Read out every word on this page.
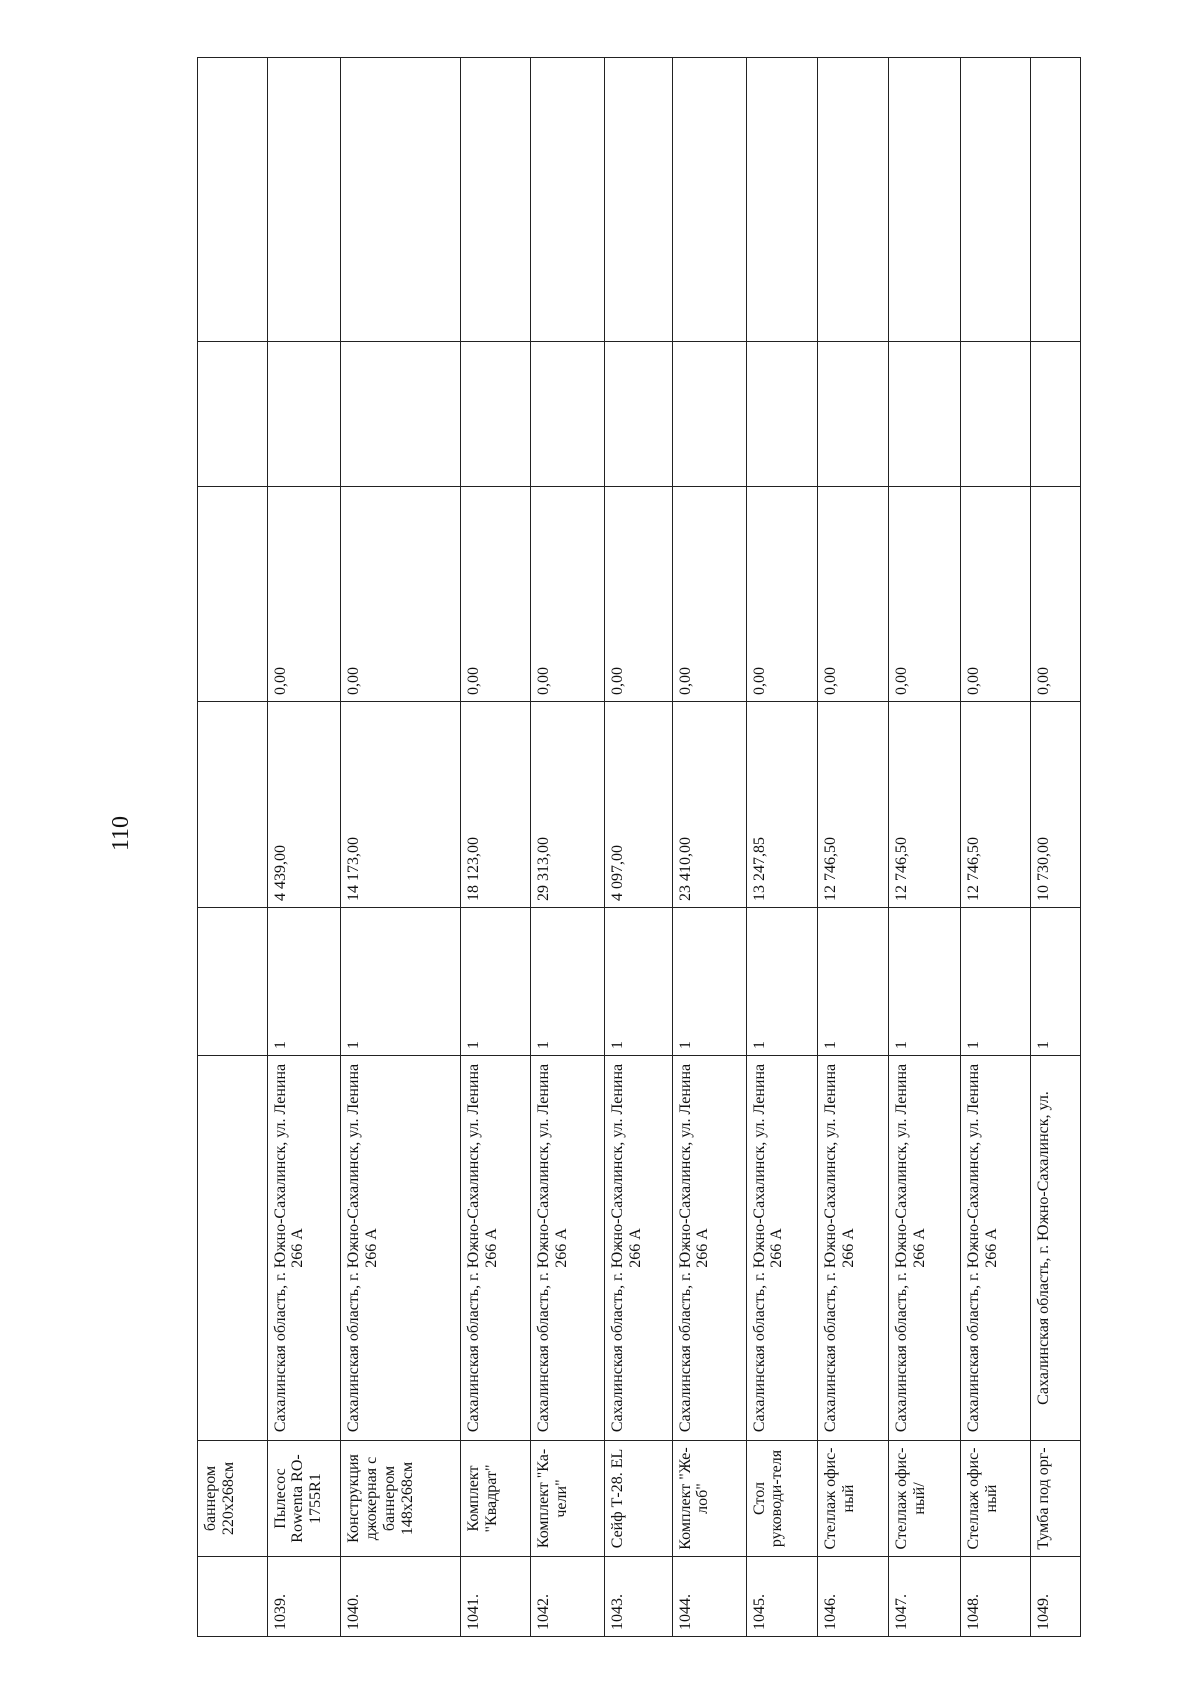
110
	баннером 220х268см						
1039.	Пылесос Rowenta RO-1755R1	Сахалинская область, г. Южно-Сахалинск, ул. Ленина 266 А	1	4 439,00	0,00		
1040.	Конструкция джокерная с баннером 148х268см	Сахалинская область, г. Южно-Сахалинск, ул. Ленина 266 А	1	14 173,00	0,00		
1041.	Комплект "Квадрат"	Сахалинская область, г. Южно-Сахалинск, ул. Ленина 266 А	1	18 123,00	0,00		
1042.	Комплект "Ка-чели"	Сахалинская область, г. Южно-Сахалинск, ул. Ленина 266 А	1	29 313,00	0,00		
1043.	Сейф Т-28. EL	Сахалинская область, г. Южно-Сахалинск, ул. Ленина 266 А	1	4 097,00	0,00		
1044.	Комплект "Же-лоб"	Сахалинская область, г. Южно-Сахалинск, ул. Ленина 266 А	1	23 410,00	0,00		
1045.	Стол руководи-теля	Сахалинская область, г. Южно-Сахалинск, ул. Ленина 266 А	1	13 247,85	0,00		
1046.	Стеллаж офис-ный	Сахалинская область, г. Южно-Сахалинск, ул. Ленина 266 А	1	12 746,50	0,00		
1047.	Стеллаж офис-ный/	Сахалинская область, г. Южно-Сахалинск, ул. Ленина 266 А	1	12 746,50	0,00		
1048.	Стеллаж офис-ный	Сахалинская область, г. Южно-Сахалинск, ул. Ленина 266 А	1	12 746,50	0,00		
1049.	Тумба под орг-	Сахалинская область, г. Южно-Сахалинск, ул.	1	10 730,00	0,00		
